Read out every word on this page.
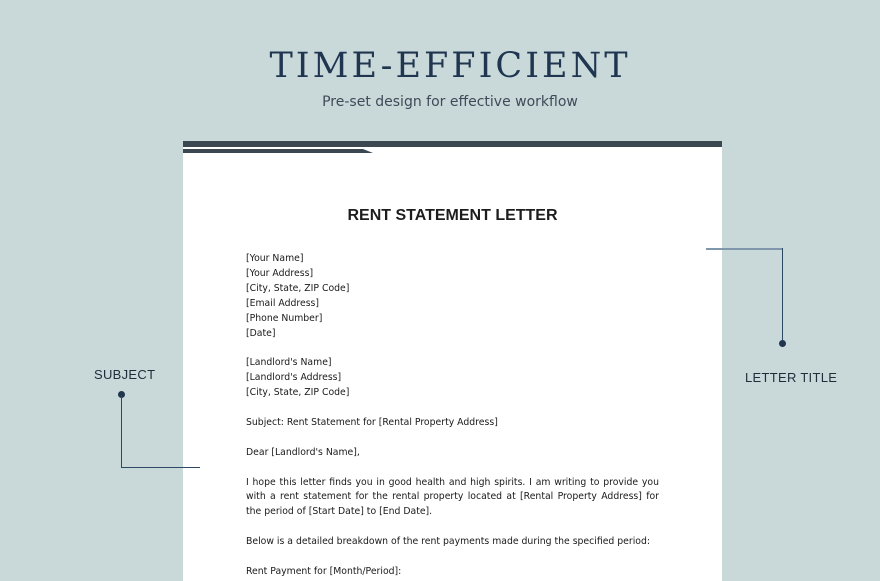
TIME-EFFICIENT

Pre-set design for effective workflow

RENT STATEMENT LETTER
[Your Name]
[Your Address]
[City, State, ZIP Code]
[Email Address]
[Phone Number]
[Date]
[Landlord's Name]
[Landlord's Address]
[City, State, ZIP Code]
Subject: Rent Statement for [Rental Property Address]
Dear [Landlord's Name],

I hope this letter finds you in good health and high spirits. I am writing to provide you with a rent statement for the rental property located at [Rental Property Address] for the period of [Start Date] to [End Date].

Below is a detailed breakdown of the rent payments made during the specified period:
Rent Payment for [Month/Period]:
SUBJECT	LETTER TITLE
